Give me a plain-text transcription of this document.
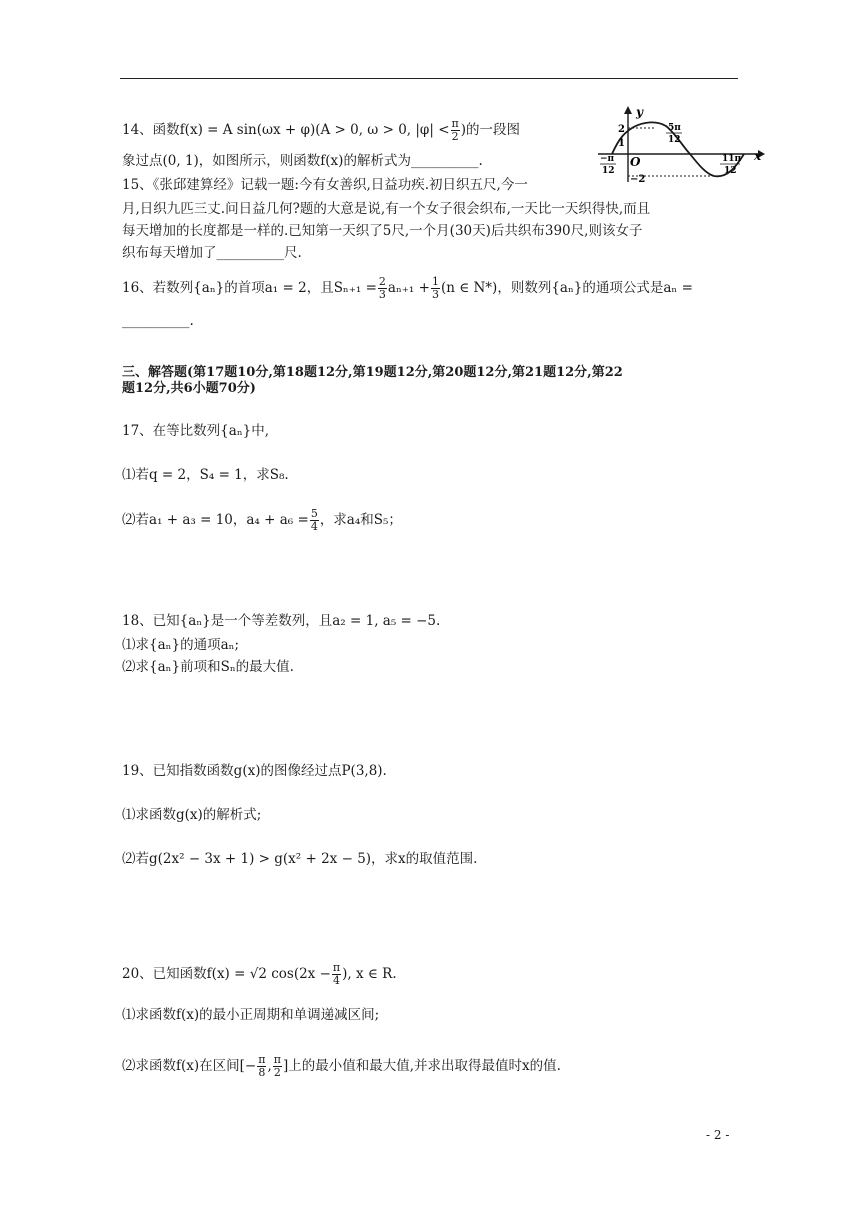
14、函数f(x) = A sin(ωx + φ)(A > 0, ω > 0, $|\varphi| < \frac{\pi}{2}$ )的一段图
象过点(0, 1)，如图所示，则函数f(x)的解析式为__________.
y
x
O
2
1
−2
−π
12
5π
12
11π
12
15、《张邱建算经》记载一题:今有女善织,日益功疾.初日织五尺,今一
月,日织九匹三丈.问日益几何?题的大意是说,有一个女子很会织布,一天比一天织得快,而且
每天增加的长度都是一样的.已知第一天织了5尺,一个月(30天)后共织布390尺,则该女子
织布每天增加了__________尺.
16、若数列{aₙ}的首项a₁ = 2，且$S_{n+1} = \frac{2}{3} a_{n+1} + \frac{1}{3} (n$ ∈ N*)，则数列{aₙ}的通项公式是aₙ =
__________.
三、解答题(第17题10分,第18题12分,第19题12分,第20题12分,第21题12分,第22
题12分,共6小题70分)
17、在等比数列{aₙ}中,
⑴若q = 2，S₄ = 1，求S₈.
⑵若a₁ + a₃ = 10，$a_4 + a_6 = \frac{5}{4}$ ，求a₄和S₅；
18、已知{aₙ}是一个等差数列，且a₂ = 1, a₅ = −5.
⑴求{aₙ}的通项aₙ;
⑵求{aₙ}前项和Sₙ的最大值.
19、已知指数函数g(x)的图像经过点P(3,8).
⑴求函数g(x)的解析式;
⑵若g(2x² − 3x + 1) > g(x² + 2x − 5)，求x的取值范围.
20、已知函数f(x) = √2 $\cos(2x - \frac{\pi}{4}$ ), x ∈ R.
⑴求函数f(x)的最小正周期和单调递减区间;
⑵求函数f(x)在区间[− $\frac{\pi}{8}$ , $\frac{\pi}{2}$ ]上的最小值和最大值,并求出取得最值时x的值.
- 2 -
